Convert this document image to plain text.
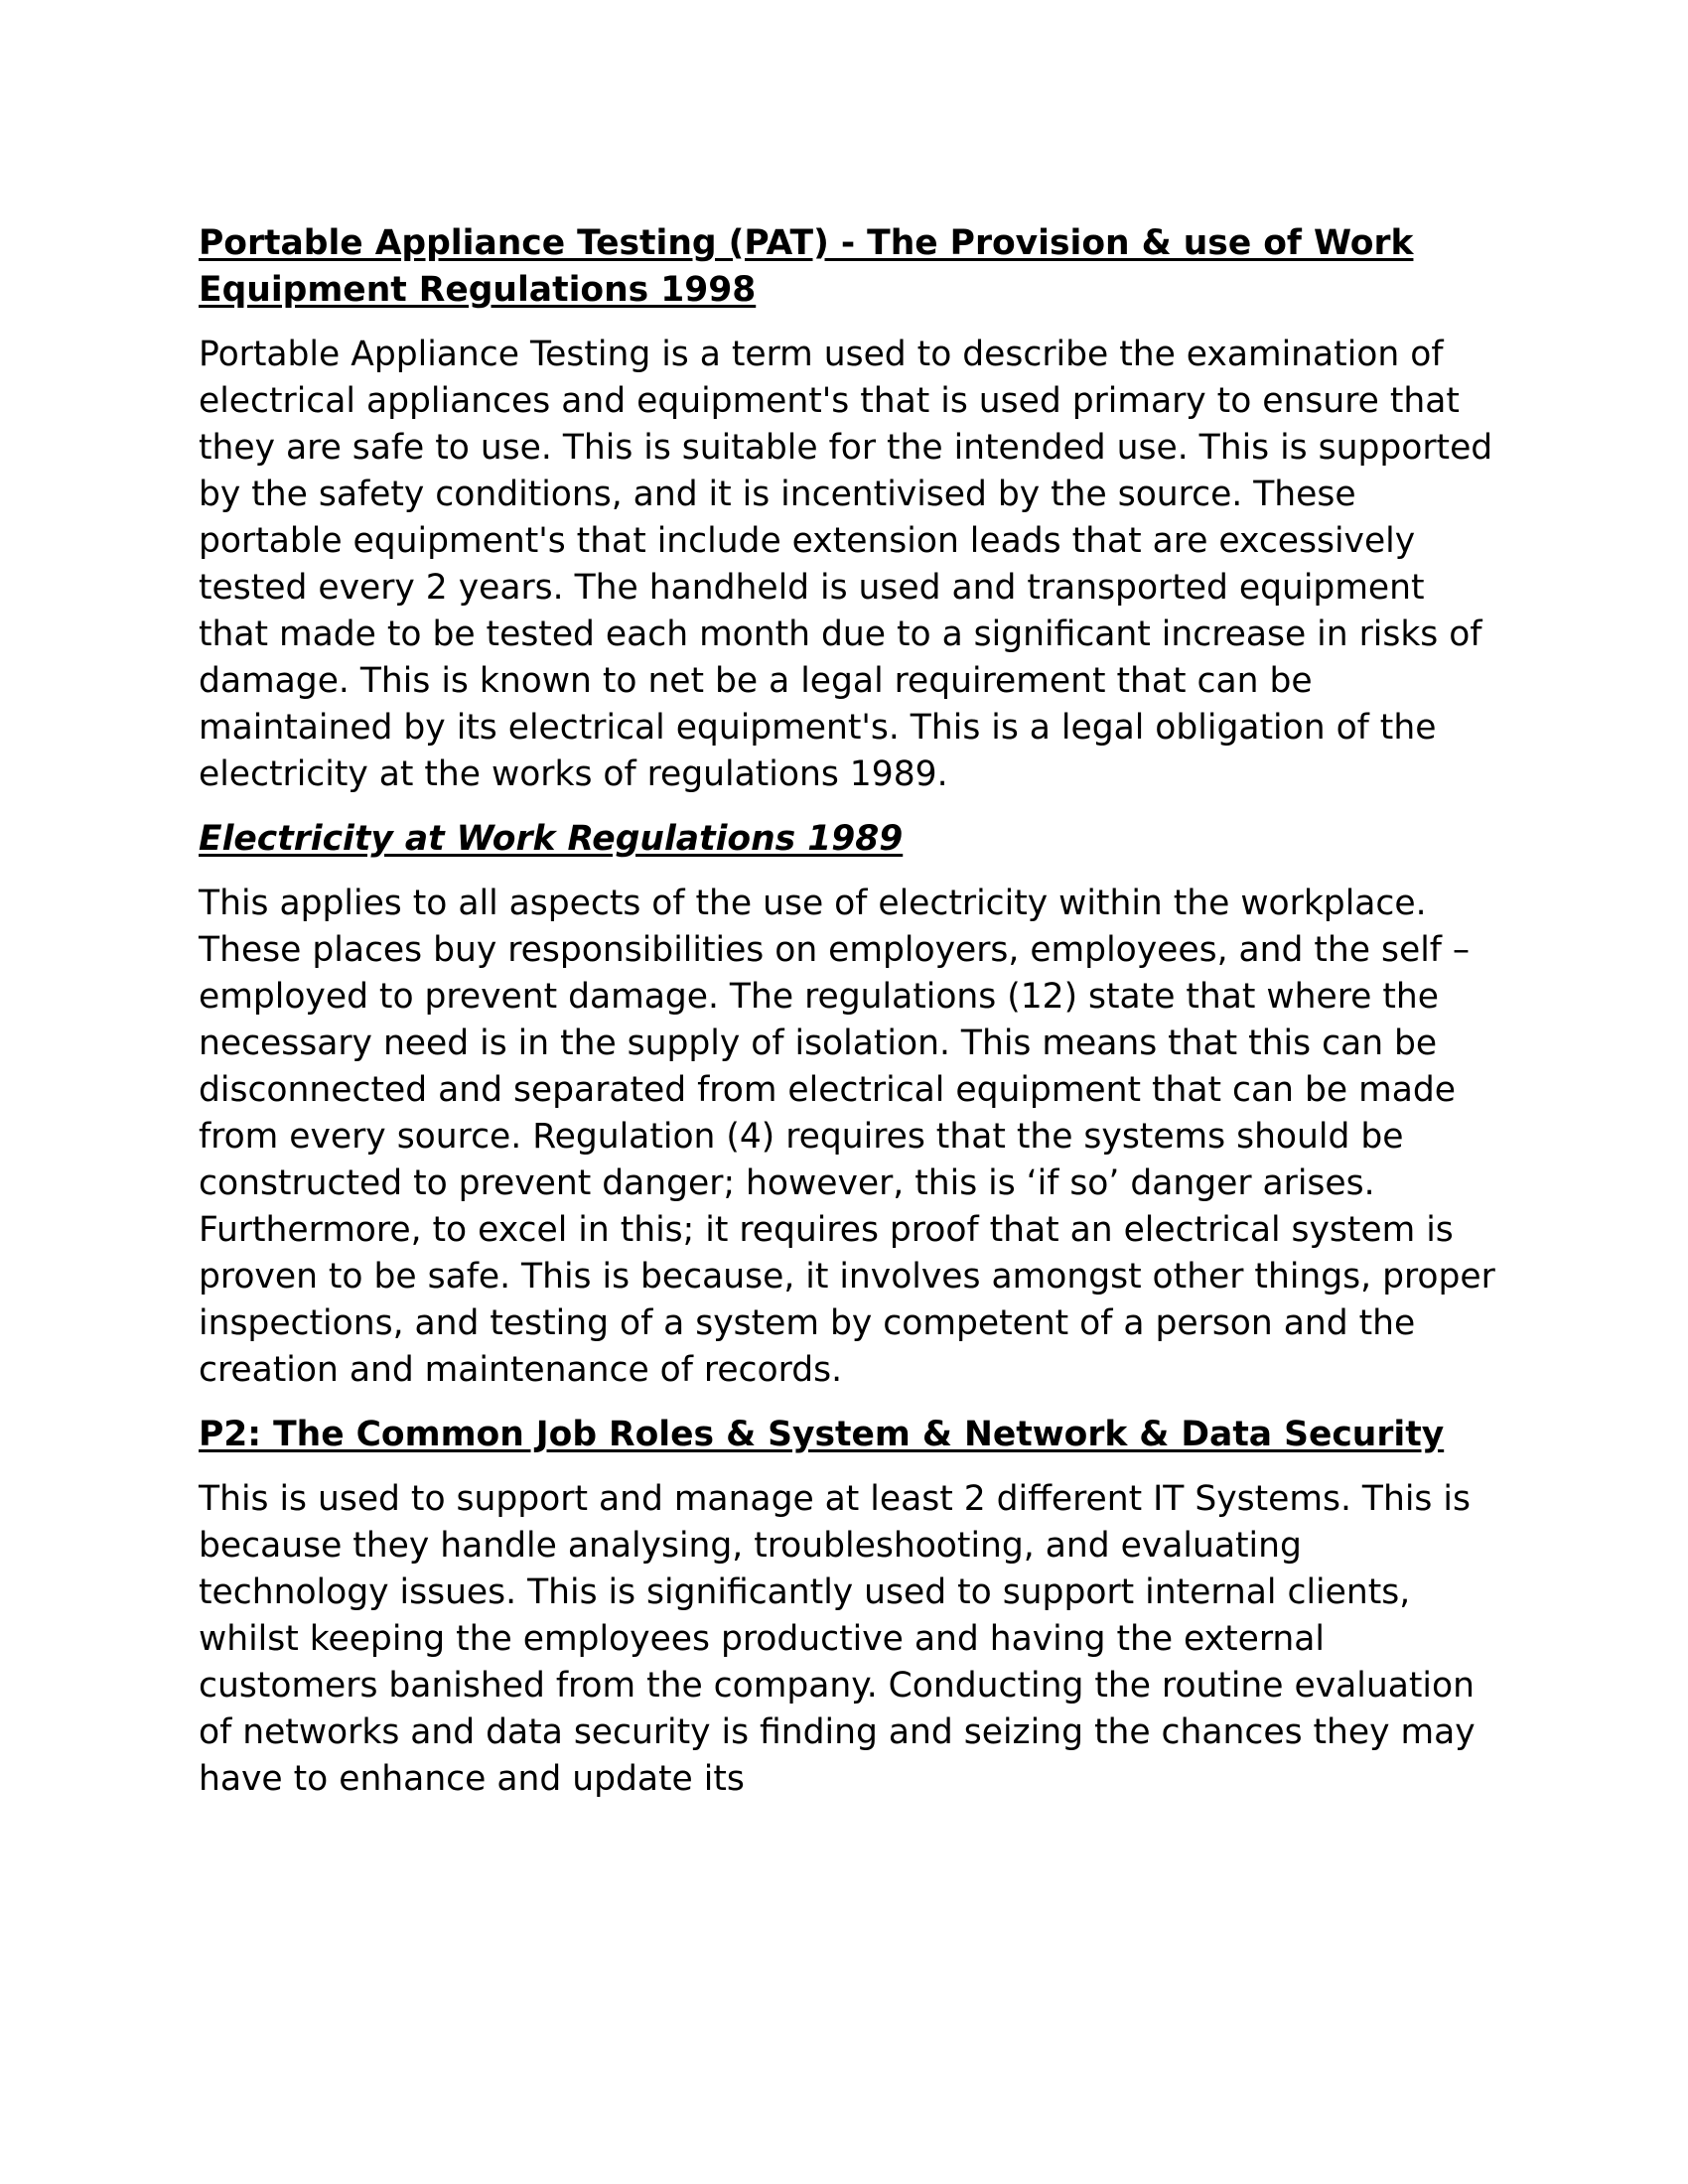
Portable Appliance Testing (PAT) - The Provision & use of Work Equipment Regulations 1998

Portable Appliance Testing is a term used to describe the examination of electrical appliances and equipment's that is used primary to ensure that they are safe to use. This is suitable for the intended use. This is supported by the safety conditions, and it is incentivised by the source. These portable equipment's that include extension leads that are excessively tested every 2 years. The handheld is used and transported equipment that made to be tested each month due to a significant increase in risks of damage. This is known to net be a legal requirement that can be maintained by its electrical equipment's. This is a legal obligation of the electricity at the works of regulations 1989.

Electricity at Work Regulations 1989

This applies to all aspects of the use of electricity within the workplace. These places buy responsibilities on employers, employees, and the self – employed to prevent damage. The regulations (12) state that where the necessary need is in the supply of isolation. This means that this can be disconnected and separated from electrical equipment that can be made from every source. Regulation (4) requires that the systems should be constructed to prevent danger; however, this is ‘if so’ danger arises. Furthermore, to excel in this; it requires proof that an electrical system is proven to be safe. This is because, it involves amongst other things, proper inspections, and testing of a system by competent of a person and the creation and maintenance of records.

P2: The Common Job Roles & System & Network & Data Security

This is used to support and manage at least 2 different IT Systems. This is because they handle analysing, troubleshooting, and evaluating technology issues. This is significantly used to support internal clients, whilst keeping the employees productive and having the external customers banished from the company. Conducting the routine evaluation of networks and data security is finding and seizing the chances they may have to enhance and update its
